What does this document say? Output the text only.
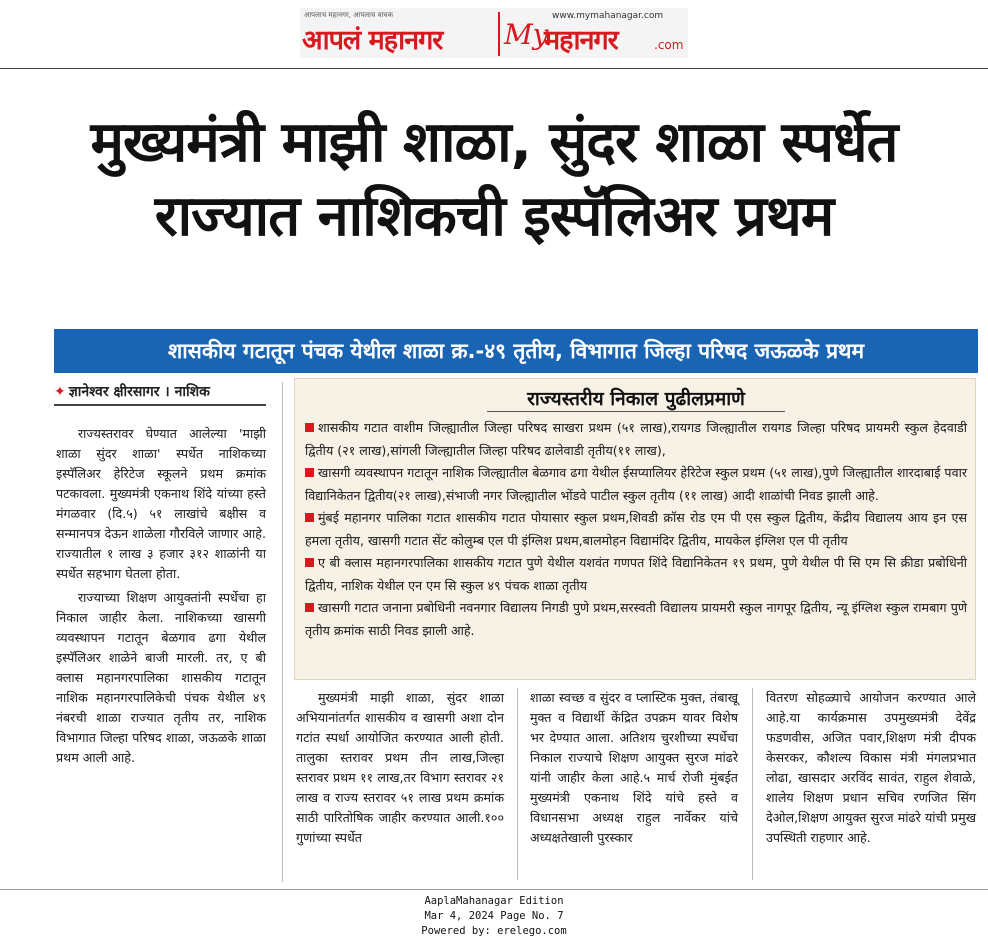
आपलाच महानगर, आपलाच वाचक
आपलं महानगर
www.mymahanagar.com
My
महानगर	.com
मुख्यमंत्री माझी शाळा, सुंदर शाळा स्पर्धेत
राज्यात नाशिकची इस्पॅलिअर प्रथम
शासकीय गटातून पंचक येथील शाळा क्र.-४९ तृतीय, विभागात जिल्हा परिषद जऊळके प्रथम
✦ ज्ञानेश्वर क्षीरसागर । नाशिक

राज्यस्तरावर घेण्यात आलेल्या 'माझी शाळा सुंदर शाळा' स्पर्धेत नाशिकच्या इस्पॅलिअर हेरिटेज स्कूलने प्रथम क्रमांक पटकावला. मुख्यमंत्री एकनाथ शिंदे यांच्या हस्ते मंगळवार (दि.५) ५१ लाखांचे बक्षीस व सन्मानपत्र देऊन शाळेला गौरविले जाणार आहे. राज्यातील १ लाख ३ हजार ३१२ शाळांनी या स्पर्धेत सहभाग घेतला होता.

राज्याच्या शिक्षण आयुक्तांनी स्पर्धेचा हा निकाल जाहीर केला. नाशिकच्या खासगी व्यवस्थापन गटातून बेळगाव ढगा येथील इस्पॅलिअर शाळेने बाजी मारली. तर, ए बी क्लास महानगरपालिका शासकीय गटातून नाशिक महानगरपालिकेची पंचक येथील ४९ नंबरची शाळा राज्यात तृतीय तर, नाशिक विभागात जिल्हा परिषद शाळा, जऊळके शाळा प्रथम आली आहे.

राज्यस्तरीय निकाल पुढीलप्रमाणे

शासकीय गटात वाशीम जिल्ह्यातील जिल्हा परिषद साखरा प्रथम (५१ लाख),रायगड जिल्ह्यातील रायगड जिल्हा परिषद प्रायमरी स्कुल हेदवाडी द्वितीय (२१ लाख),सांगली जिल्ह्यातील जिल्हा परिषद ढालेवाडी तृतीय(११ लाख),

खासगी व्यवस्थापन गटातून नाशिक जिल्ह्यातील बेळगाव ढगा येथील ईसप्यालियर हेरिटेज स्कुल प्रथम (५१ लाख),पुणे जिल्ह्यातील शारदाबाई पवार विद्यानिकेतन द्वितीय(२१ लाख),संभाजी नगर जिल्ह्यातील भोंडवे पाटील स्कुल तृतीय (११ लाख) आदी शाळांची निवड झाली आहे.

मुंबई महानगर पालिका गटात शासकीय गटात पोयासार स्कुल प्रथम,शिवडी क्रॉस रोड एम पी एस स्कुल द्वितीय, केंद्रीय विद्यालय आय इन एस हमला तृतीय, खासगी गटात सेंट कोलुम्ब एल पी इंग्लिश प्रथम,बालमोहन विद्यामंदिर द्वितीय, मायकेल इंग्लिश एल पी तृतीय

ए बी क्लास महानगरपालिका शासकीय गटात पुणे येथील यशवंत गणपत शिंदे विद्यानिकेतन १९ प्रथम, पुणे येथील पी सि एम सि क्रीडा प्रबोधिनी द्वितीय, नाशिक येथील एन एम सि स्कुल ४९ पंचक शाळा तृतीय

खासगी गटात जनाना प्रबोधिनी नवनगार विद्यालय निगडी पुणे प्रथम,सरस्वती विद्यालय प्रायमरी स्कुल नागपूर द्वितीय, न्यू इंग्लिश स्कुल रामबाग पुणे तृतीय क्रमांक साठी निवड झाली आहे.

मुख्यमंत्री माझी शाळा, सुंदर शाळा अभियानांतर्गत शासकीय व खासगी अशा दोन गटांत स्पर्धा आयोजित करण्यात आली होती. तालुका स्तरावर प्रथम तीन लाख,जिल्हा स्तरावर प्रथम ११ लाख,तर विभाग स्तरावर २१ लाख व राज्य स्तरावर ५१ लाख प्रथम क्रमांक साठी पारितोषिक जाहीर करण्यात आली.१०० गुणांच्या स्पर्धेत

शाळा स्वच्छ व सुंदर व प्लास्टिक मुक्त, तंबाखू मुक्त व विद्यार्थी केंद्रित उपक्रम यावर विशेष भर देण्यात आला. अतिशय चुरशीच्या स्पर्धेचा निकाल राज्याचे शिक्षण आयुक्त सुरज मांढरे यांनी जाहीर केला आहे.५ मार्च रोजी मुंबईत मुख्यमंत्री एकनाथ शिंदे यांचे हस्ते व विधानसभा अध्यक्ष राहुल नार्वेकर यांचे अध्यक्षतेखाली पुरस्कार

वितरण सोहळ्याचे आयोजन करण्यात आले आहे.या कार्यक्रमास उपमुख्यमंत्री देवेंद्र फडणवीस, अजित पवार,शिक्षण मंत्री दीपक केसरकर, कौशल्य विकास मंत्री मंगलप्रभात लोढा, खासदार अरविंद सावंत, राहुल शेवाळे, शालेय शिक्षण प्रधान सचिव रणजित सिंग देओल,शिक्षण आयुक्त सुरज मांढरे यांची प्रमुख उपस्थिती राहणार आहे.

AaplaMahanagar Edition
Mar 4, 2024 Page No. 7
Powered by: erelego.com
